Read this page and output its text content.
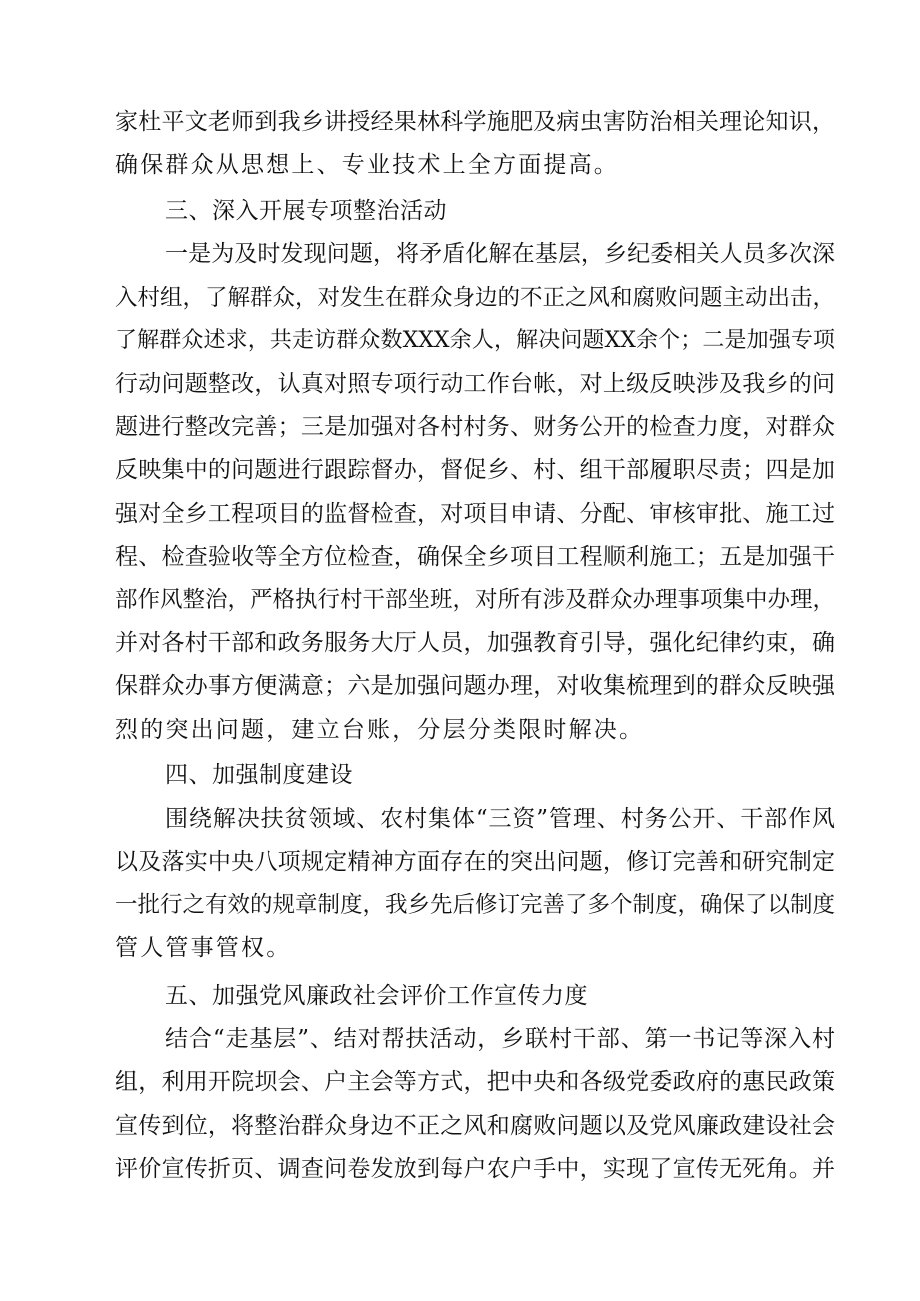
家杜平文老师到我乡讲授经果林科学施肥及病虫害防治相关理论知识，
确保群众从思想上、专业技术上全方面提高。
三、深入开展专项整治活动
一是为及时发现问题，将矛盾化解在基层，乡纪委相关人员多次深
入村组，了解群众，对发生在群众身边的不正之风和腐败问题主动出击，
了解群众述求，共走访群众数XXX余人，解决问题XX余个；二是加强专项
行动问题整改，认真对照专项行动工作台帐，对上级反映涉及我乡的问
题进行整改完善；三是加强对各村村务、财务公开的检查力度，对群众
反映集中的问题进行跟踪督办，督促乡、村、组干部履职尽责；四是加
强对全乡工程项目的监督检查，对项目申请、分配、审核审批、施工过
程、检查验收等全方位检查，确保全乡项目工程顺利施工；五是加强干
部作风整治，严格执行村干部坐班，对所有涉及群众办理事项集中办理，
并对各村干部和政务服务大厅人员，加强教育引导，强化纪律约束，确
保群众办事方便满意；六是加强问题办理，对收集梳理到的群众反映强
烈的突出问题，建立台账，分层分类限时解决。
四、加强制度建设
围绕解决扶贫领域、农村集体“三资”管理、村务公开、干部作风
以及落实中央八项规定精神方面存在的突出问题，修订完善和研究制定
一批行之有效的规章制度，我乡先后修订完善了多个制度，确保了以制度
管人管事管权。
五、加强党风廉政社会评价工作宣传力度
结合“走基层”、结对帮扶活动，乡联村干部、第一书记等深入村
组，利用开院坝会、户主会等方式，把中央和各级党委政府的惠民政策
宣传到位，将整治群众身边不正之风和腐败问题以及党风廉政建设社会
评价宣传折页、调查问卷发放到每户农户手中，实现了宣传无死角。并
